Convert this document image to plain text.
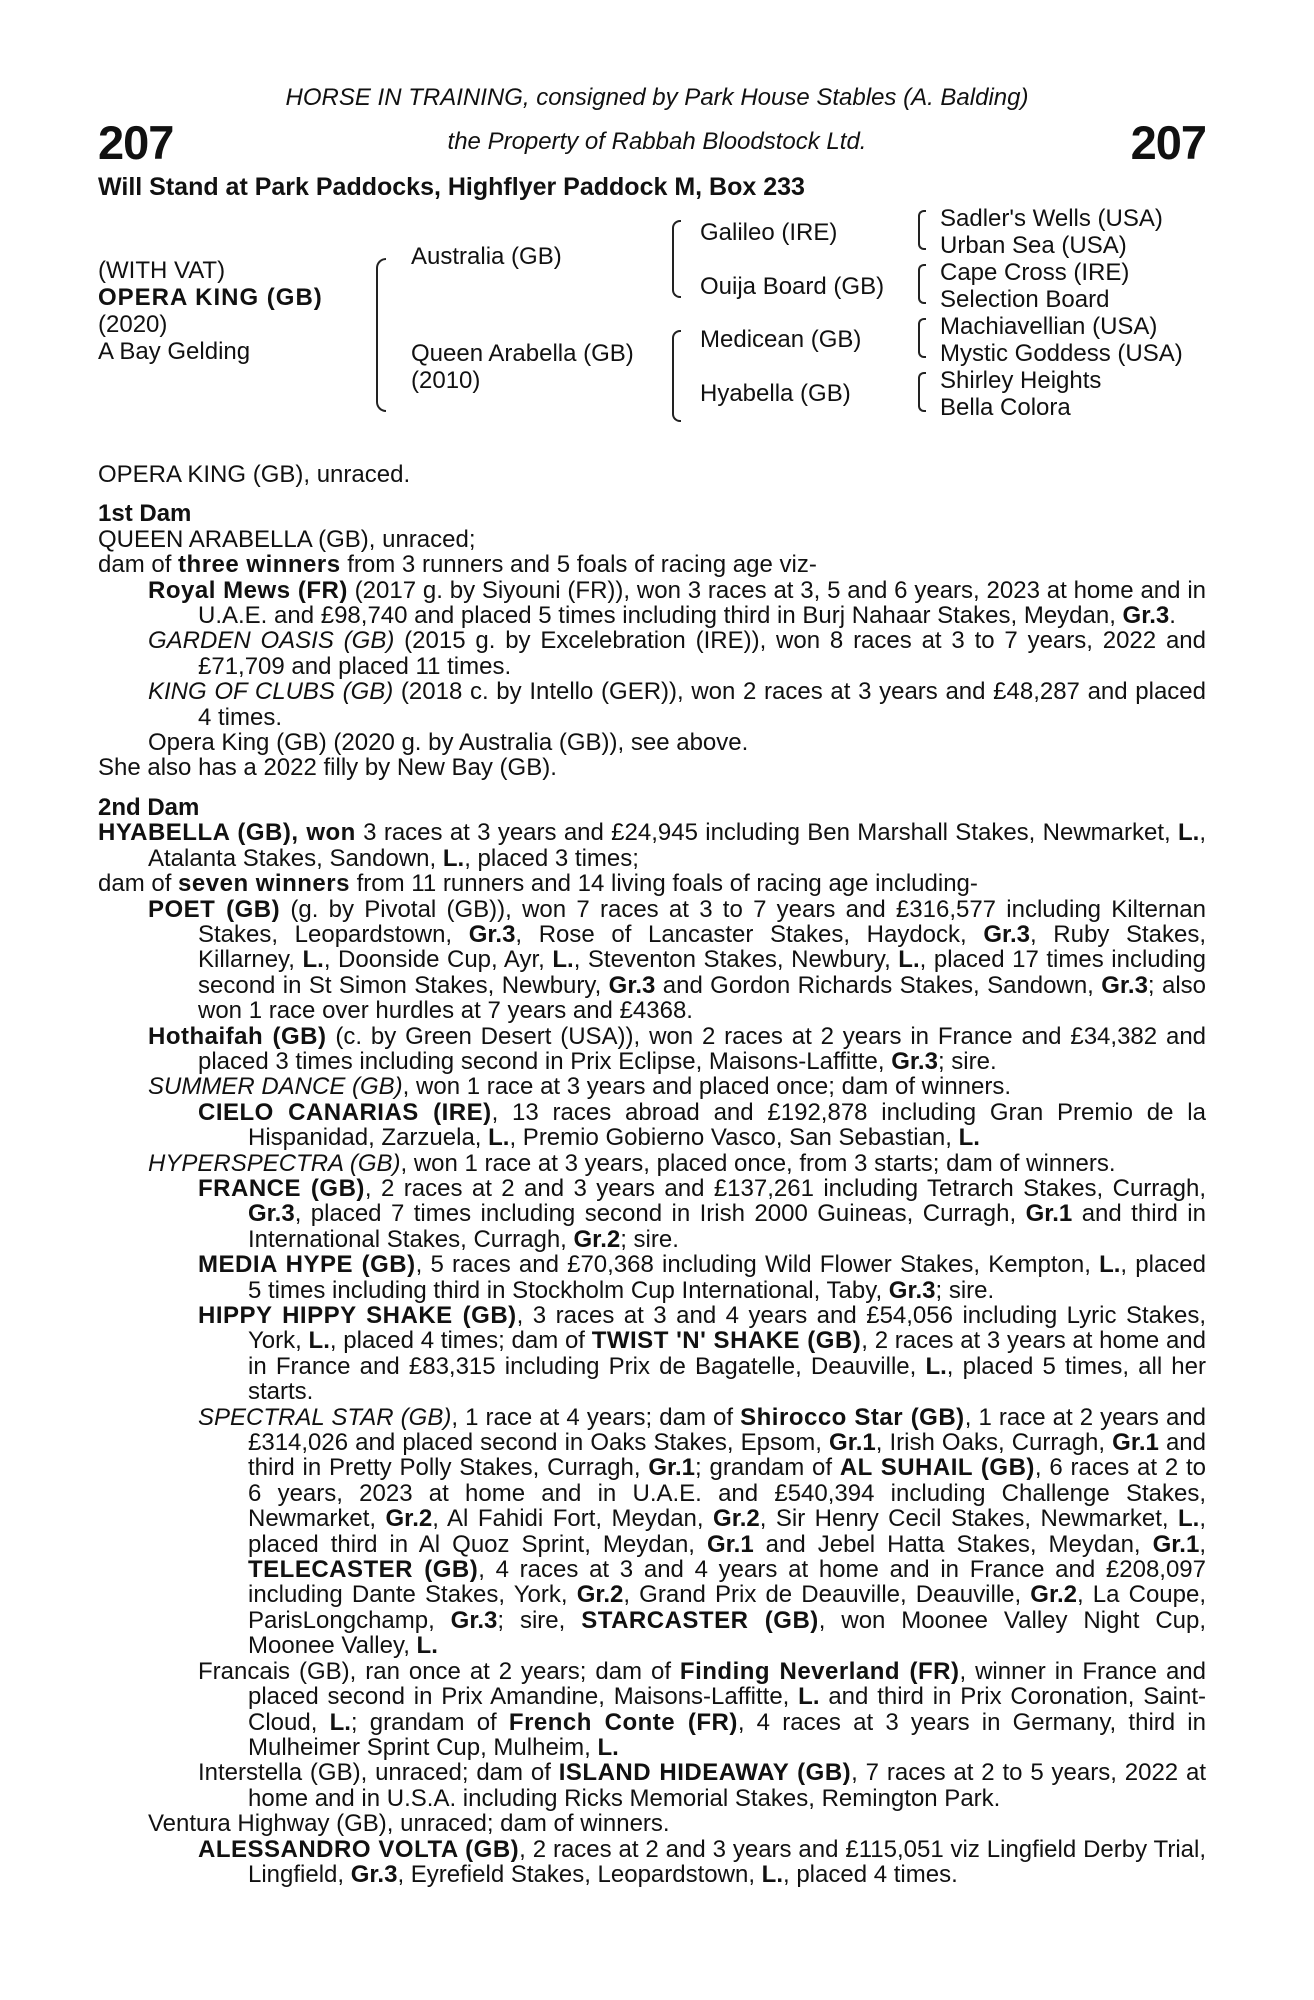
207	207
HORSE IN TRAINING, consigned by Park House Stables (A. Balding)
the Property of Rabbah Bloodstock Ltd.
Will Stand at Park Paddocks, Highflyer Paddock M, Box 233
(WITH VAT)
OPERA KING (GB)
(2020)
A Bay Gelding
Australia (GB)
Queen Arabella (GB)
(2010)
Galileo (IRE)
Ouija Board (GB)
Medicean (GB)
Hyabella (GB)
Sadler's Wells (USA)
Urban Sea (USA)
Cape Cross (IRE)
Selection Board
Machiavellian (USA)
Mystic Goddess (USA)
Shirley Heights
Bella Colora

OPERA KING (GB), unraced.

1st Dam

QUEEN ARABELLA (GB), unraced;

dam of three winners from 3 runners and 5 foals of racing age viz-

Royal Mews (FR) (2017 g. by Siyouni (FR)), won 3 races at 3, 5 and 6 years, 2023 at home and in U.A.E. and £98,740 and placed 5 times including third in Burj Nahaar Stakes, Meydan, Gr.3.

GARDEN OASIS (GB) (2015 g. by Excelebration (IRE)), won 8 races at 3 to 7 years, 2022 and £71,709 and placed 11 times.

KING OF CLUBS (GB) (2018 c. by Intello (GER)), won 2 races at 3 years and £48,287 and placed 4 times.

Opera King (GB) (2020 g. by Australia (GB)), see above.

She also has a 2022 filly by New Bay (GB).

2nd Dam

HYABELLA (GB), won 3 races at 3 years and £24,945 including Ben Marshall Stakes, Newmarket, L., Atalanta Stakes, Sandown, L., placed 3 times;

dam of seven winners from 11 runners and 14 living foals of racing age including-

POET (GB) (g. by Pivotal (GB)), won 7 races at 3 to 7 years and £316,577 including Kilternan Stakes, Leopardstown, Gr.3, Rose of Lancaster Stakes, Haydock, Gr.3, Ruby Stakes, Killarney, L., Doonside Cup, Ayr, L., Steventon Stakes, Newbury, L., placed 17 times including second in St Simon Stakes, Newbury, Gr.3 and Gordon Richards Stakes, Sandown, Gr.3; also won 1 race over hurdles at 7 years and £4368.

Hothaifah (GB) (c. by Green Desert (USA)), won 2 races at 2 years in France and £34,382 and placed 3 times including second in Prix Eclipse, Maisons-Laffitte, Gr.3; sire.

SUMMER DANCE (GB), won 1 race at 3 years and placed once; dam of winners.

CIELO CANARIAS (IRE), 13 races abroad and £192,878 including Gran Premio de la Hispanidad, Zarzuela, L., Premio Gobierno Vasco, San Sebastian, L.

HYPERSPECTRA (GB), won 1 race at 3 years, placed once, from 3 starts; dam of winners.

FRANCE (GB), 2 races at 2 and 3 years and £137,261 including Tetrarch Stakes, Curragh, Gr.3, placed 7 times including second in Irish 2000 Guineas, Curragh, Gr.1 and third in International Stakes, Curragh, Gr.2; sire.

MEDIA HYPE (GB), 5 races and £70,368 including Wild Flower Stakes, Kempton, L., placed 5 times including third in Stockholm Cup International, Taby, Gr.3; sire.

HIPPY HIPPY SHAKE (GB), 3 races at 3 and 4 years and £54,056 including Lyric Stakes, York, L., placed 4 times; dam of TWIST 'N' SHAKE (GB), 2 races at 3 years at home and in France and £83,315 including Prix de Bagatelle, Deauville, L., placed 5 times, all her starts.

SPECTRAL STAR (GB), 1 race at 4 years; dam of Shirocco Star (GB), 1 race at 2 years and £314,026 and placed second in Oaks Stakes, Epsom, Gr.1, Irish Oaks, Curragh, Gr.1 and third in Pretty Polly Stakes, Curragh, Gr.1; grandam of AL SUHAIL (GB), 6 races at 2 to 6 years, 2023 at home and in U.A.E. and £540,394 including Challenge Stakes, Newmarket, Gr.2, Al Fahidi Fort, Meydan, Gr.2, Sir Henry Cecil Stakes, Newmarket, L., placed third in Al Quoz Sprint, Meydan, Gr.1 and Jebel Hatta Stakes, Meydan, Gr.1, TELECASTER (GB), 4 races at 3 and 4 years at home and in France and £208,097 including Dante Stakes, York, Gr.2, Grand Prix de Deauville, Deauville, Gr.2, La Coupe, ParisLongchamp, Gr.3; sire, STARCASTER (GB), won Moonee Valley Night Cup, Moonee Valley, L.

Francais (GB), ran once at 2 years; dam of Finding Neverland (FR), winner in France and placed second in Prix Amandine, Maisons-Laffitte, L. and third in Prix Coronation, Saint-Cloud, L.; grandam of French Conte (FR), 4 races at 3 years in Germany, third in Mulheimer Sprint Cup, Mulheim, L.

Interstella (GB), unraced; dam of ISLAND HIDEAWAY (GB), 7 races at 2 to 5 years, 2022 at home and in U.S.A. including Ricks Memorial Stakes, Remington Park.

Ventura Highway (GB), unraced; dam of winners.

ALESSANDRO VOLTA (GB), 2 races at 2 and 3 years and £115,051 viz Lingfield Derby Trial, Lingfield, Gr.3, Eyrefield Stakes, Leopardstown, L., placed 4 times.
